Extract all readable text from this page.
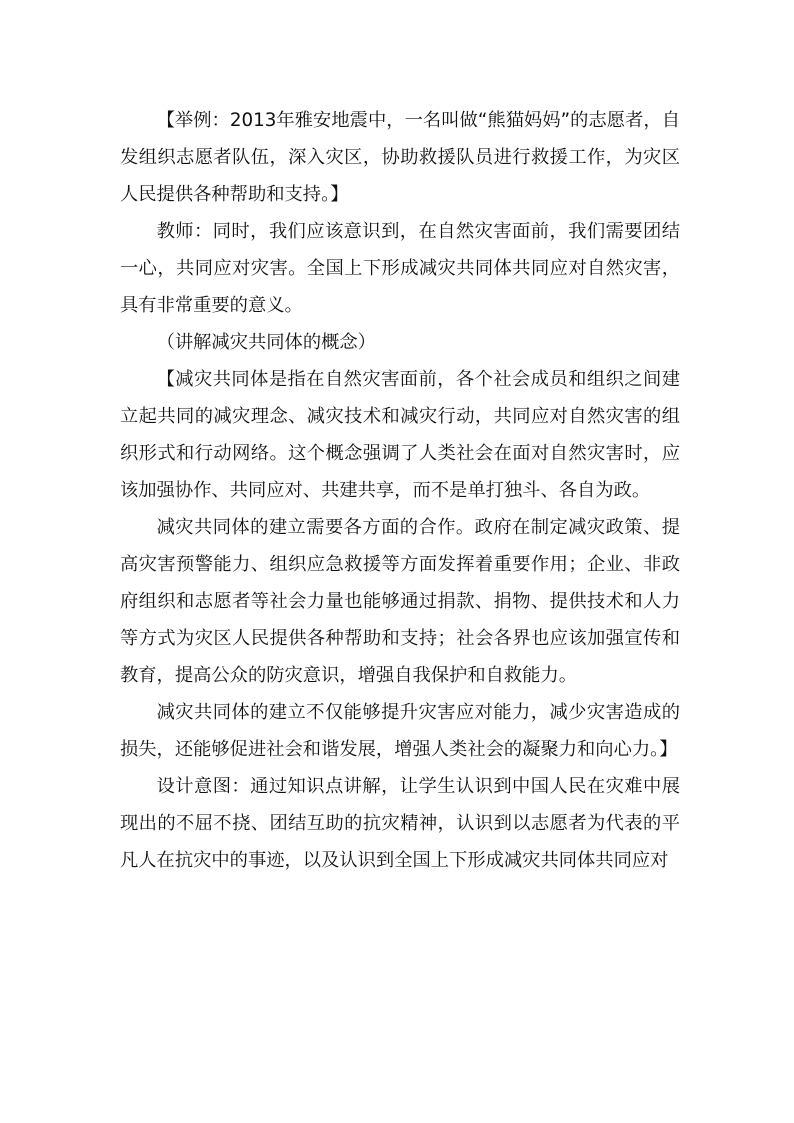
【举例：2013年雅安地震中，一名叫做“熊猫妈妈”的志愿者，自发组织志愿者队伍，深入灾区，协助救援队员进行救援工作，为灾区人民提供各种帮助和支持。】

教师：同时，我们应该意识到，在自然灾害面前，我们需要团结一心，共同应对灾害。全国上下形成减灾共同体共同应对自然灾害，具有非常重要的意义。

（讲解减灾共同体的概念）

【减灾共同体是指在自然灾害面前，各个社会成员和组织之间建立起共同的减灾理念、减灾技术和减灾行动，共同应对自然灾害的组织形式和行动网络。这个概念强调了人类社会在面对自然灾害时，应该加强协作、共同应对、共建共享，而不是单打独斗、各自为政。

减灾共同体的建立需要各方面的合作。政府在制定减灾政策、提高灾害预警能力、组织应急救援等方面发挥着重要作用；企业、非政府组织和志愿者等社会力量也能够通过捐款、捐物、提供技术和人力等方式为灾区人民提供各种帮助和支持；社会各界也应该加强宣传和教育，提高公众的防灾意识，增强自我保护和自救能力。

减灾共同体的建立不仅能够提升灾害应对能力，减少灾害造成的损失，还能够促进社会和谐发展，增强人类社会的凝聚力和向心力。】

设计意图：通过知识点讲解，让学生认识到中国人民在灾难中展现出的不屈不挠、团结互助的抗灾精神，认识到以志愿者为代表的平凡人在抗灾中的事迹，以及认识到全国上下形成减灾共同体共同应对
